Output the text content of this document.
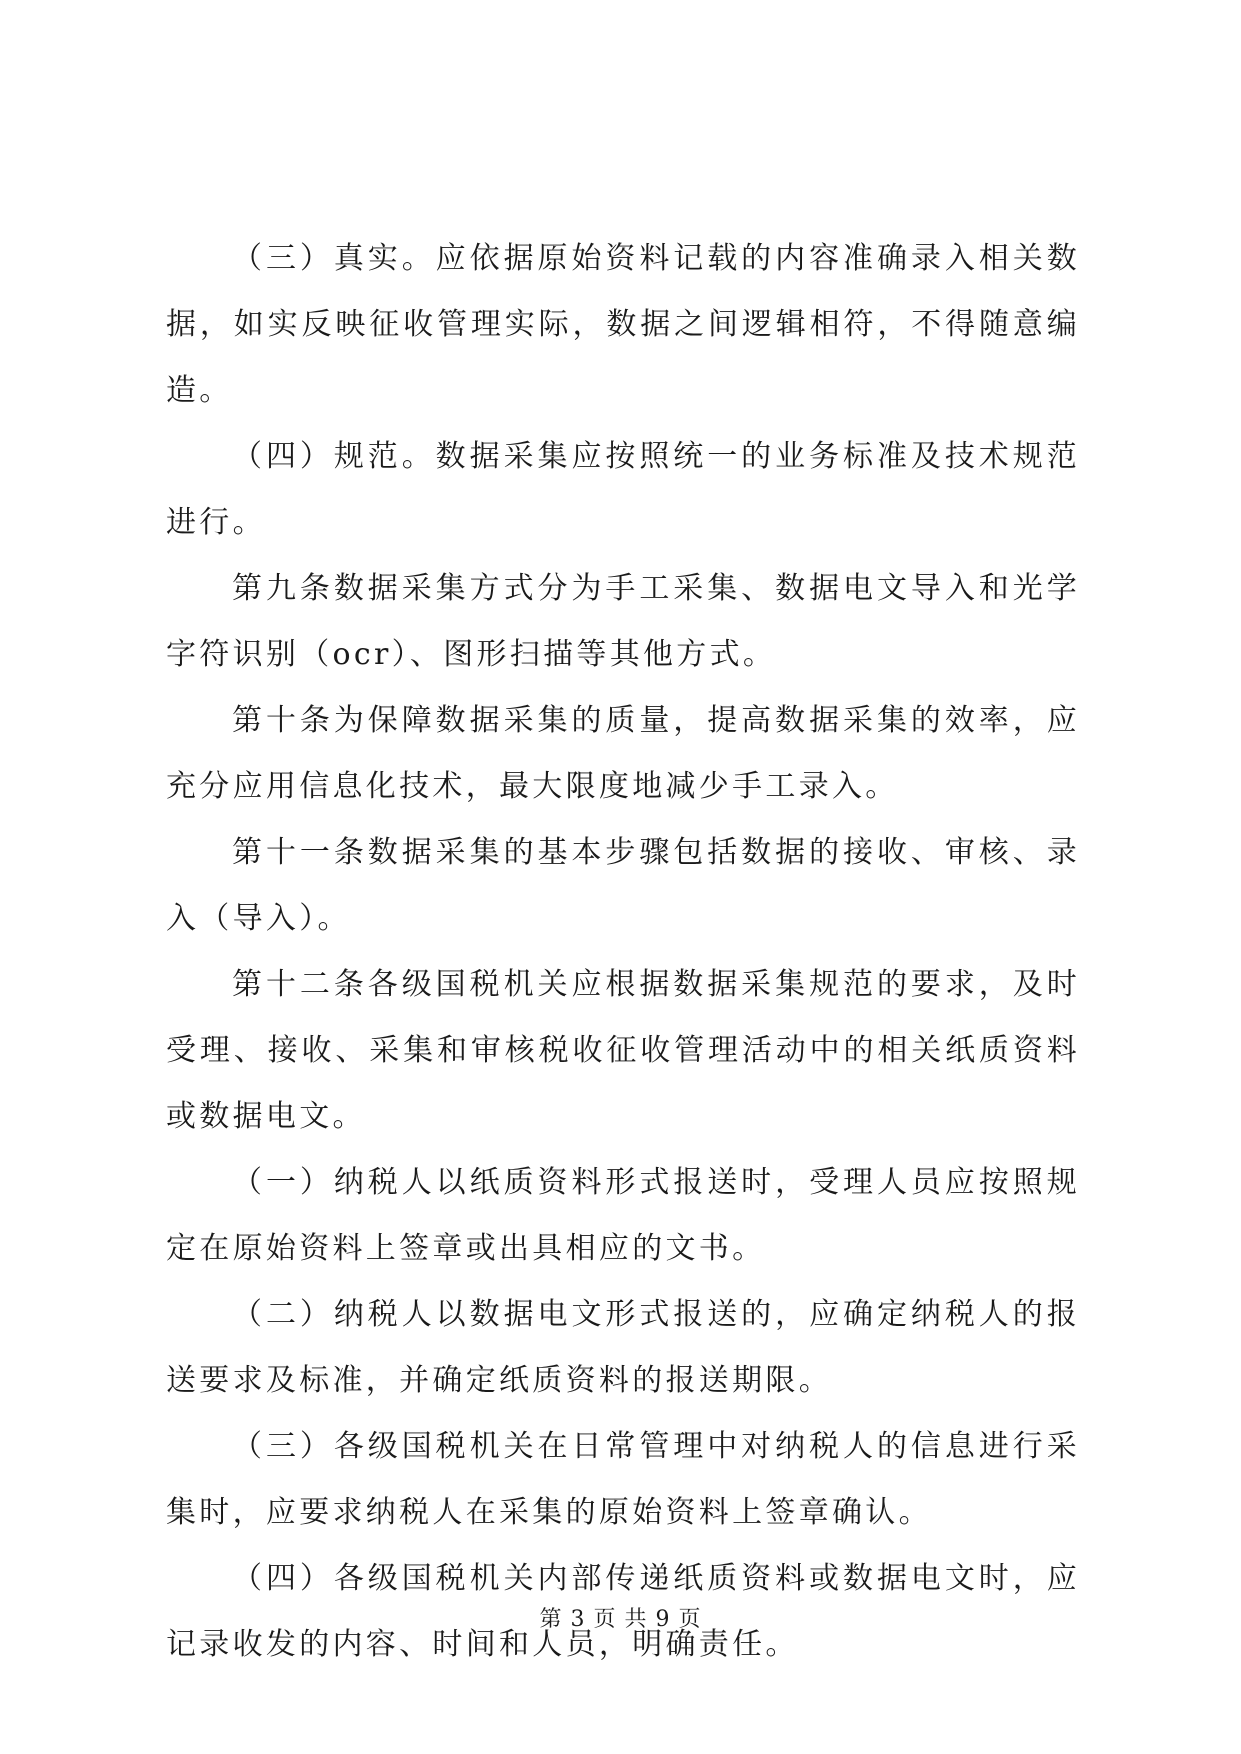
（三）真实。应依据原始资料记载的内容准确录入相关数据，如实反映征收管理实际，数据之间逻辑相符，不得随意编造。

（四）规范。数据采集应按照统一的业务标准及技术规范进行。

第九条数据采集方式分为手工采集、数据电文导入和光学字符识别（ocr）、图形扫描等其他方式。

第十条为保障数据采集的质量，提高数据采集的效率，应充分应用信息化技术，最大限度地减少手工录入。

第十一条数据采集的基本步骤包括数据的接收、审核、录入（导入）。

第十二条各级国税机关应根据数据采集规范的要求，及时受理、接收、采集和审核税收征收管理活动中的相关纸质资料或数据电文。

（一）纳税人以纸质资料形式报送时，受理人员应按照规定在原始资料上签章或出具相应的文书。

（二）纳税人以数据电文形式报送的，应确定纳税人的报送要求及标准，并确定纸质资料的报送期限。

（三）各级国税机关在日常管理中对纳税人的信息进行采集时，应要求纳税人在采集的原始资料上签章确认。

（四）各级国税机关内部传递纸质资料或数据电文时，应记录收发的内容、时间和人员，明确责任。

第 3 页 共 9 页
